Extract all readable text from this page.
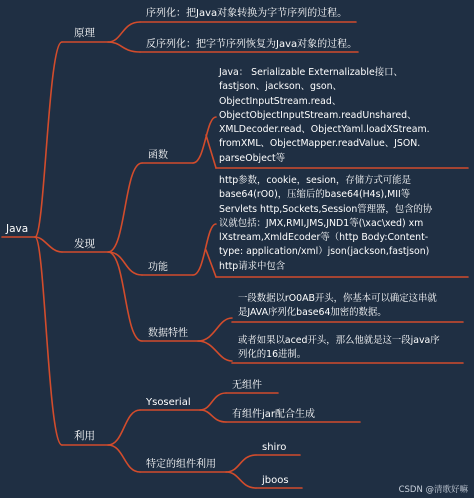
Java
原理
发现
利用
序列化：把Java对象转换为字节序列的过程。
反序列化：把字节序列恢复为Java对象的过程。
函数
功能
数据特性
Java： Serializable Externalizable接口、
fastjson、jackson、gson、
ObjectInputStream.read、
ObjectObjectInputStream.readUnshared、
XMLDecoder.read、ObjectYaml.loadXStream.
fromXML、ObjectMapper.readValue、JSON.
parseObject等
http参数，cookie，sesion，存储方式可能是
base64(rO0)，压缩后的base64(H4s),MII等
Servlets http,Sockets,Session管理器，包含的协
议就包括：JMX,RMI,JMS,JND1等(\xac\xed) xm
lXstream,XmldEcoder等（http Body:Content-
type: application/xml）json(jackson,fastjson)
http请求中包含
一段数据以rO0AB开头，你基本可以确定这串就
是JAVA序列化base64加密的数据。
或者如果以aced开头，那么他就是这一段java序
列化的16进制。
Ysoserial
特定的组件利用
无组件
有组件jar配合生成
shiro
jboos
CSDN @清歌好嘛
